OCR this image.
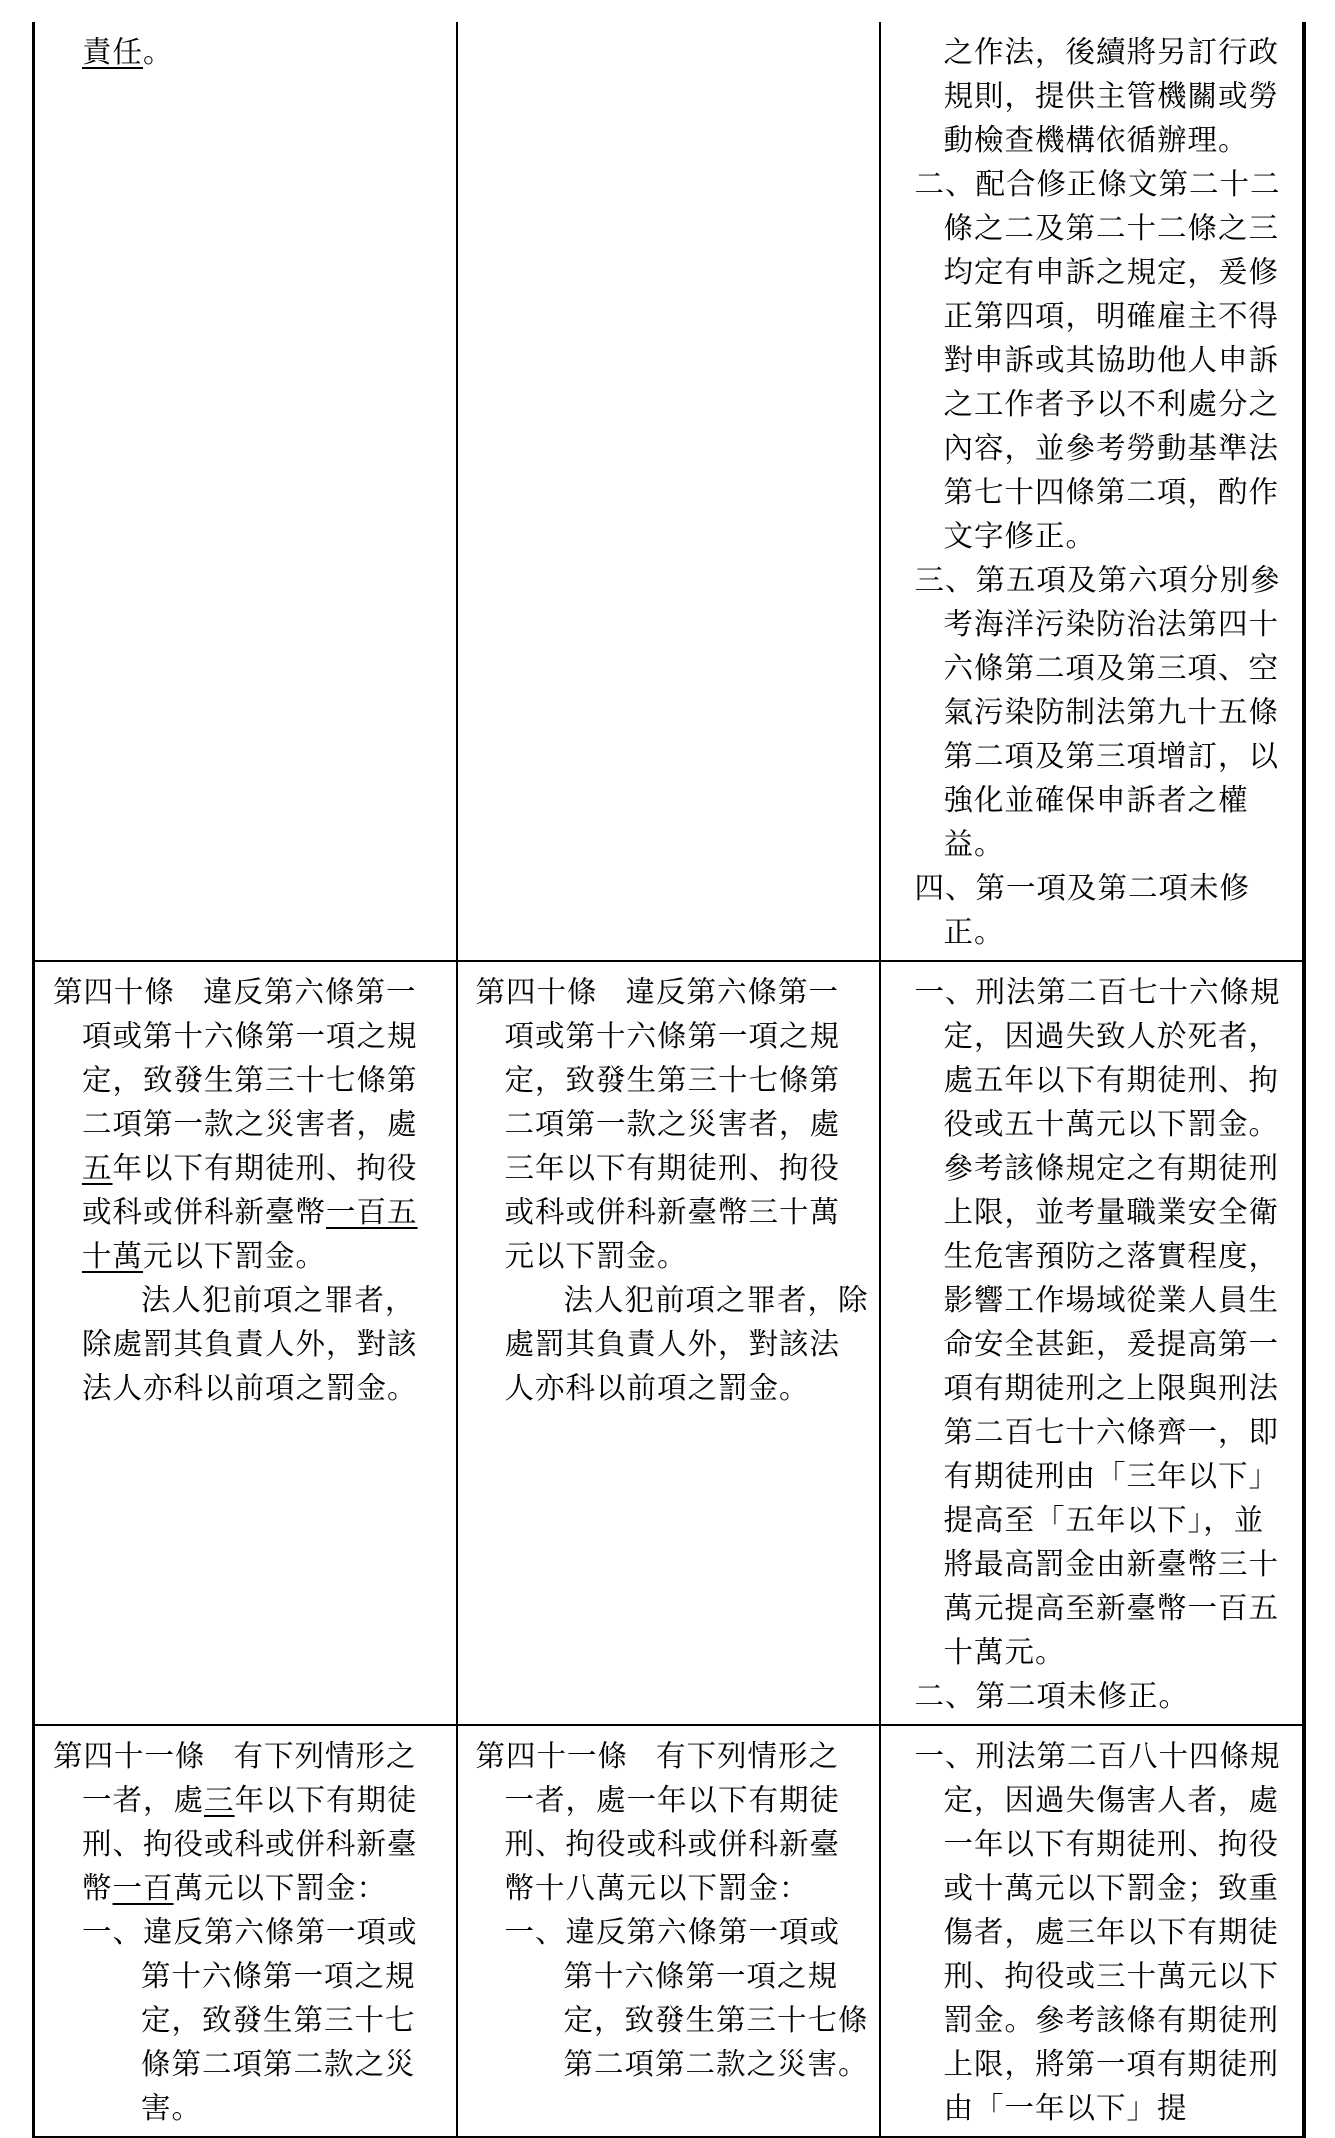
責任。		之作法，後續將另訂行政規則，提供主管機關或勞動檢查機構依循辦理。
二、配合修正條文第二十二條之二及第二十二條之三均定有申訴之規定，爰修正第四項，明確雇主不得對申訴或其協助他人申訴之工作者予以不利處分之內容，並參考勞動基準法第七十四條第二項，酌作文字修正。
三、第五項及第六項分別參考海洋污染防治法第四十六條第二項及第三項、空氣污染防制法第九十五條第二項及第三項增訂，以強化並確保申訴者之權益。
四、第一項及第二項未修正。

第四十條 違反第六條第一項或第十六條第一項之規定，致發生第三十七條第二項第一款之災害者，處五年以下有期徒刑、拘役或科或併科新臺幣一百五十萬元以下罰金。
法人犯前項之罪者，除處罰其負責人外，對該法人亦科以前項之罰金。	第四十條 違反第六條第一項或第十六條第一項之規定，致發生第三十七條第二項第一款之災害者，處三年以下有期徒刑、拘役或科或併科新臺幣三十萬元以下罰金。
法人犯前項之罪者，除處罰其負責人外，對該法人亦科以前項之罰金。	一、刑法第二百七十六條規定，因過失致人於死者，處五年以下有期徒刑、拘役或五十萬元以下罰金。參考該條規定之有期徒刑上限，並考量職業安全衛生危害預防之落實程度，影響工作場域從業人員生命安全甚鉅，爰提高第一項有期徒刑之上限與刑法第二百七十六條齊一，即有期徒刑由「三年以下」提高至「五年以下」，並將最高罰金由新臺幣三十萬元提高至新臺幣一百五十萬元。
二、第二項未修正。

第四十一條 有下列情形之一者，處三年以下有期徒刑、拘役或科或併科新臺幣一百萬元以下罰金：
一、違反第六條第一項或第十六條第一項之規定，致發生第三十七條第二項第二款之災害。	第四十一條 有下列情形之一者，處一年以下有期徒刑、拘役或科或併科新臺幣十八萬元以下罰金：
一、違反第六條第一項或第十六條第一項之規定，致發生第三十七條第二項第二款之災害。	一、刑法第二百八十四條規定，因過失傷害人者，處一年以下有期徒刑、拘役或十萬元以下罰金；致重傷者，處三年以下有期徒刑、拘役或三十萬元以下罰金。參考該條有期徒刑上限，將第一項有期徒刑由「一年以下」提
